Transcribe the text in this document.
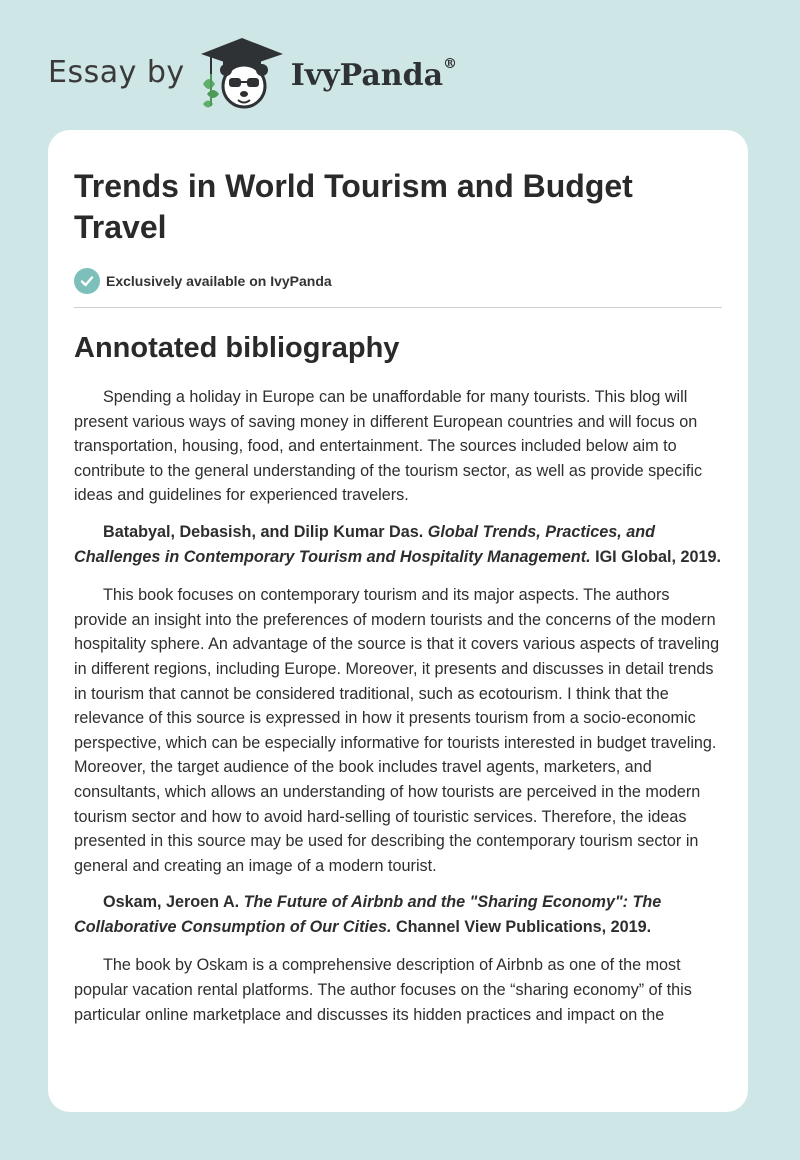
Essay by	IvyPanda®
Trends in World Tourism and Budget Travel
Exclusively available on IvyPanda
Annotated bibliography

Spending a holiday in Europe can be unaffordable for many tourists. This blog will present various ways of saving money in different European countries and will focus on transportation, housing, food, and entertainment. The sources included below aim to contribute to the general understanding of the tourism sector, as well as provide specific ideas and guidelines for experienced travelers.

Batabyal, Debasish, and Dilip Kumar Das. Global Trends, Practices, and Challenges in Contemporary Tourism and Hospitality Management. IGI Global, 2019.

This book focuses on contemporary tourism and its major aspects. The authors provide an insight into the preferences of modern tourists and the concerns of the modern hospitality sphere. An advantage of the source is that it covers various aspects of traveling in different regions, including Europe. Moreover, it presents and discusses in detail trends in tourism that cannot be considered traditional, such as ecotourism. I think that the relevance of this source is expressed in how it presents tourism from a socio-economic perspective, which can be especially informative for tourists interested in budget traveling. Moreover, the target audience of the book includes travel agents, marketers, and consultants, which allows an understanding of how tourists are perceived in the modern tourism sector and how to avoid hard-selling of touristic services. Therefore, the ideas presented in this source may be used for describing the contemporary tourism sector in general and creating an image of a modern tourist.

Oskam, Jeroen A. The Future of Airbnb and the "Sharing Economy": The Collaborative Consumption of Our Cities. Channel View Publications, 2019.

The book by Oskam is a comprehensive description of Airbnb as one of the most popular vacation rental platforms. The author focuses on the “sharing economy” of this particular online marketplace and discusses its hidden practices and impact on the
